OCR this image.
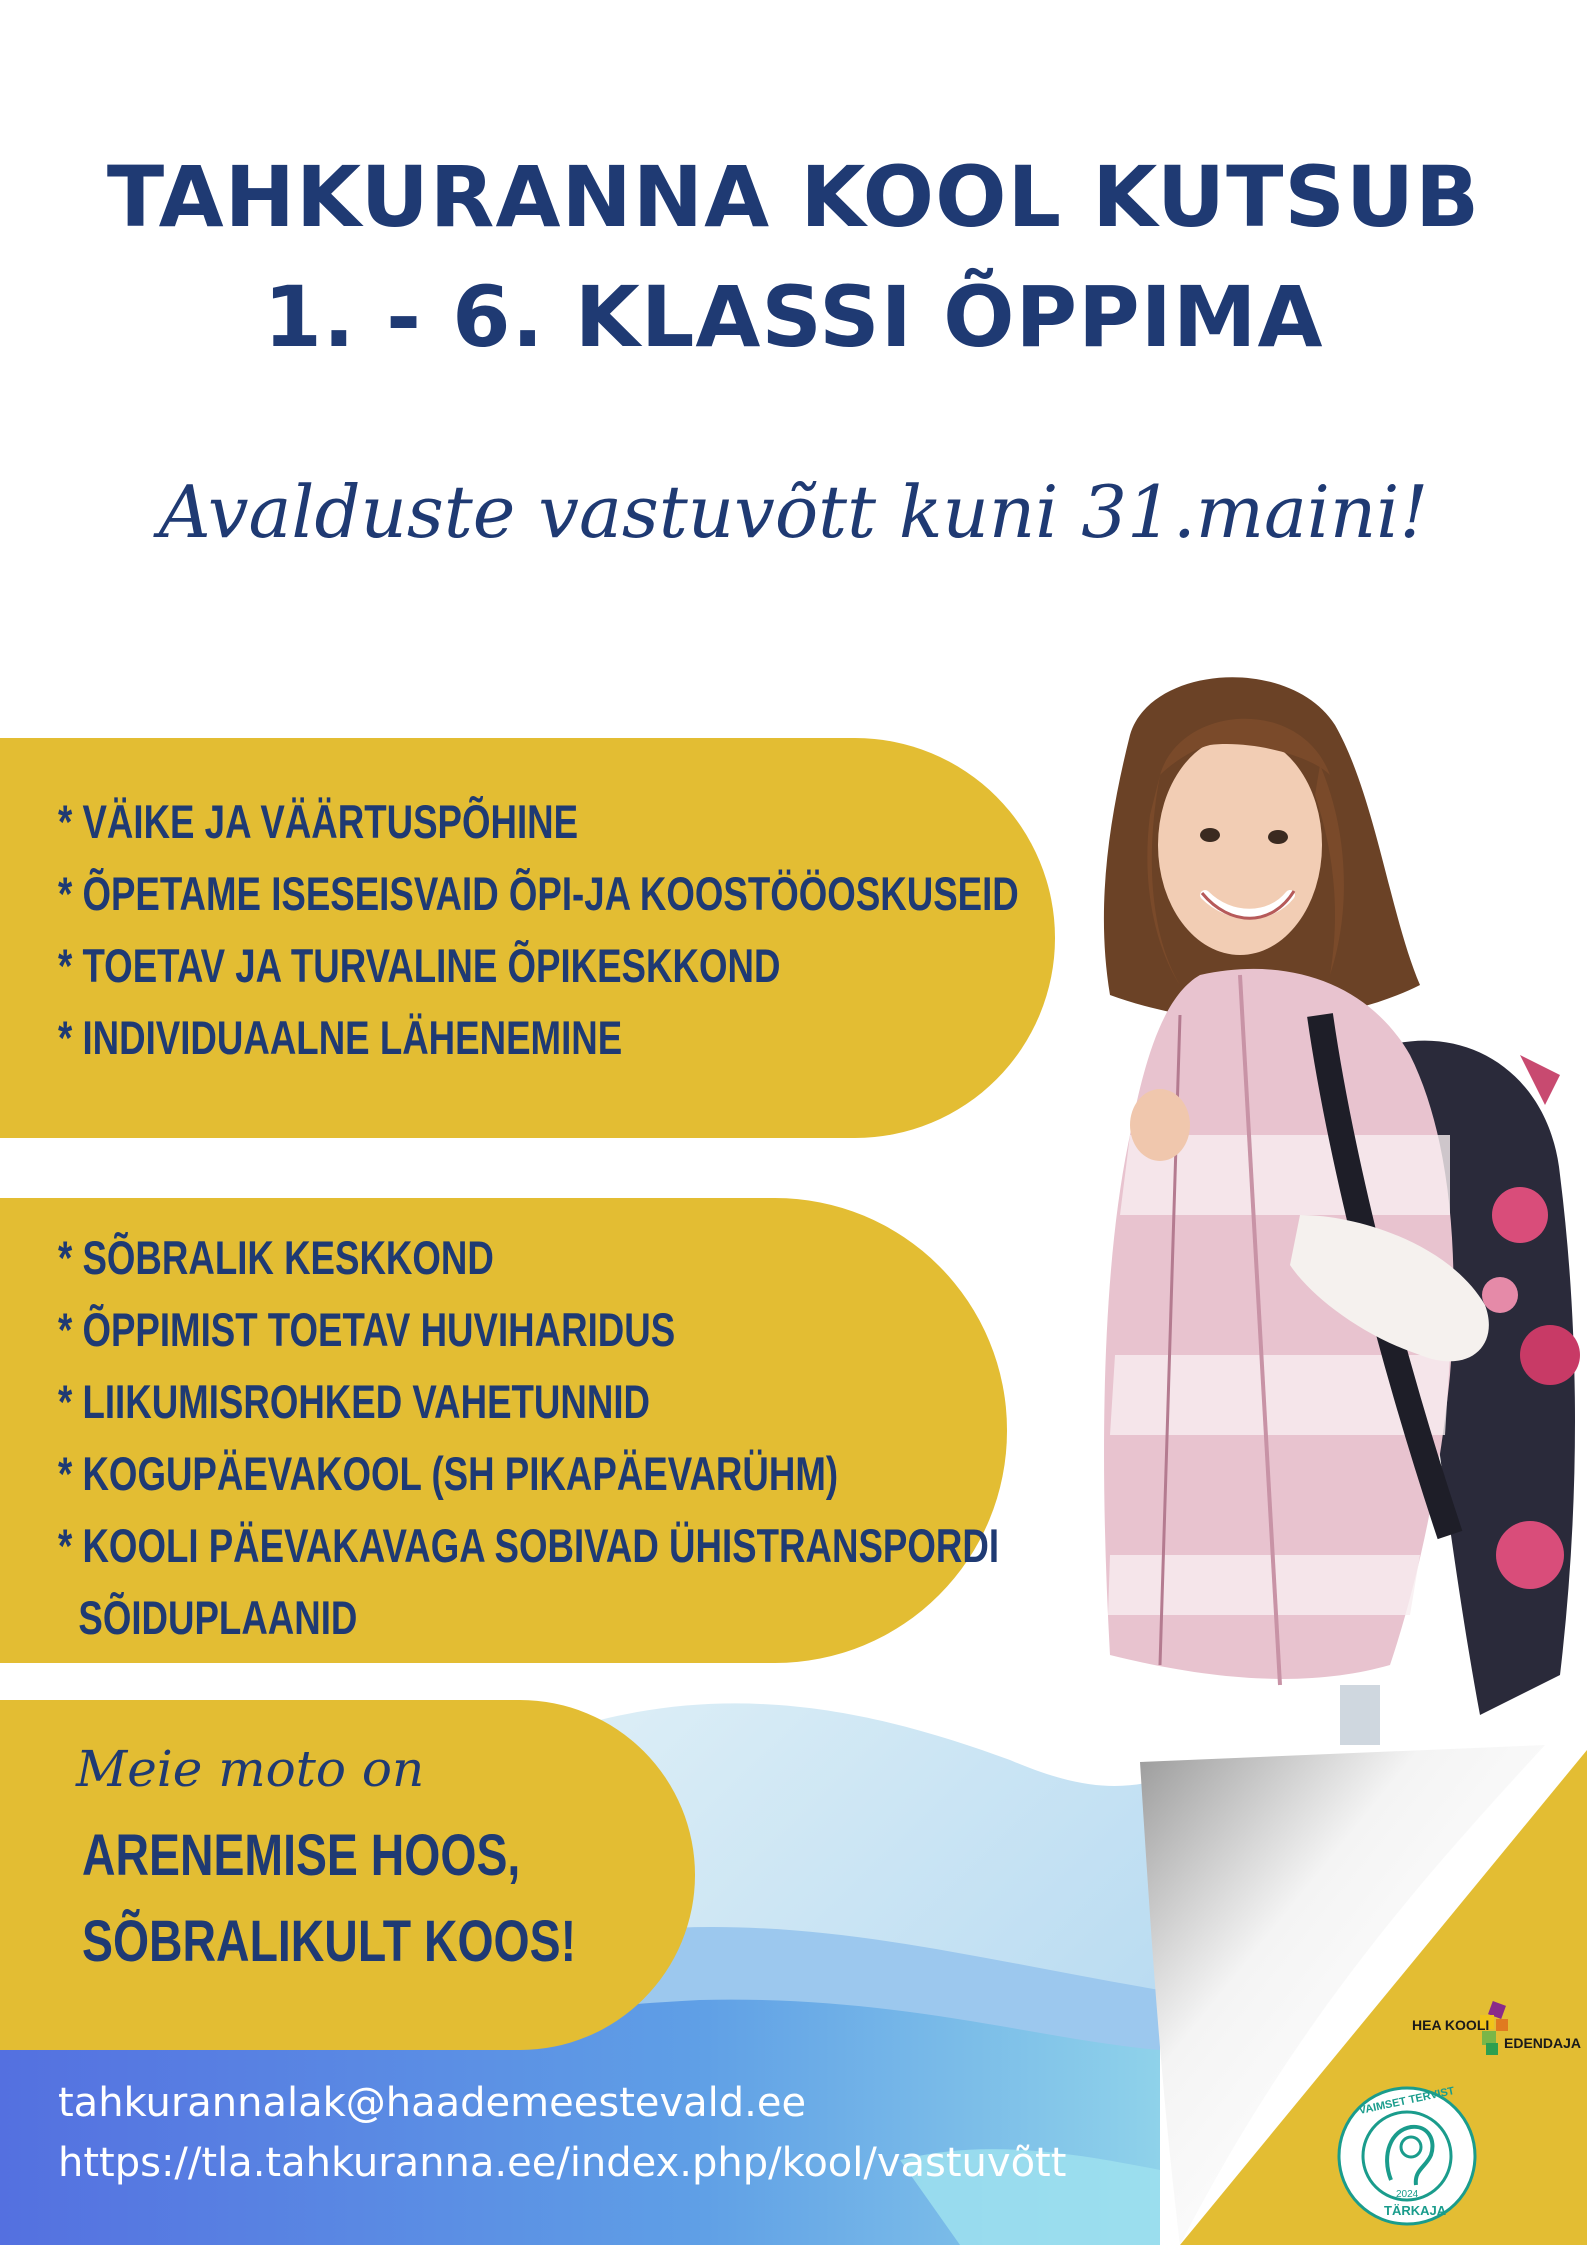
TAHKURANNA KOOL KUTSUB
1. - 6. KLASSI ÕPPIMA
Avalduste vastuvõtt kuni 31.maini!
* VÄIKE JA VÄÄRTUSPÕHINE
* ÕPETAME ISESEISVAID ÕPI-JA KOOSTÖÖOSKUSEID
* TOETAV JA TURVALINE ÕPIKESKKOND
* INDIVIDUAALNE LÄHENEMINE
* SÕBRALIK KESKKOND
* ÕPPIMIST TOETAV HUVIHARIDUS
* LIIKUMISROHKED VAHETUNNID
* KOGUPÄEVAKOOL (SH PIKAPÄEVARÜHM)
* KOOLI PÄEVAKAVAGA SOBIVAD ÜHISTRANSPORDI
SÕIDUPLAANID
Meie moto on
ARENEMISE HOOS,
SÕBRALIKULT KOOS!
tahkurannalak@haademeestevald.ee
https://tla.tahkuranna.ee/index.php/kool/vastuvõtt
HEA KOOLI
EDENDAJA
VAIMSET TERVIST
2024
TÄRKAJA
